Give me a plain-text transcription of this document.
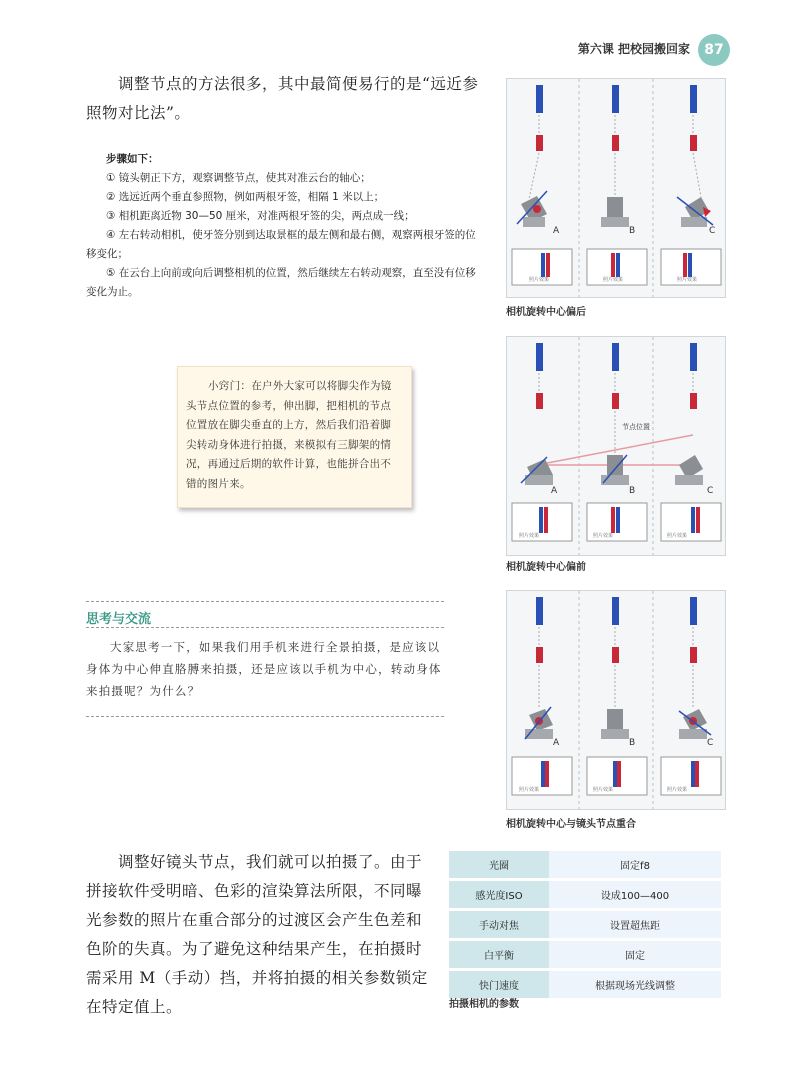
第六课 把校园搬回家	87
调整节点的方法很多，其中最简便易行的是“远近参照物对比法”。
步骤如下：
① 镜头朝正下方，观察调整节点，使其对准云台的轴心；
② 选远近两个垂直参照物，例如两根牙签，相隔 1 米以上；
③ 相机距离近物 30—50 厘米，对准两根牙签的尖，两点成一线；
④ 左右转动相机，使牙签分别到达取景框的最左侧和最右侧，观察两根牙签的位移变化；
⑤ 在云台上向前或向后调整相机的位置，然后继续左右转动观察，直至没有位移变化为止。
小窍门：在户外大家可以将脚尖作为镜头节点位置的参考，伸出脚，把相机的节点位置放在脚尖垂直的上方，然后我们沿着脚尖转动身体进行拍摄，来模拟有三脚架的情况，再通过后期的软件计算，也能拼合出不错的图片来。
思考与交流
大家思考一下，如果我们用手机来进行全景拍摄，是应该以身体为中心伸直胳膊来拍摄，还是应该以手机为中心，转动身体来拍摄呢？为什么？
A	B	C
照片效果	照片效果	照片效果
相机旋转中心偏后
节点位置
A	B	C
照片效果	照片效果	照片效果
相机旋转中心偏前
A	B	C
照片效果	照片效果	照片效果
相机旋转中心与镜头节点重合
调整好镜头节点，我们就可以拍摄了。由于拼接软件受明暗、色彩的渲染算法所限，不同曝光参数的照片在重合部分的过渡区会产生色差和色阶的失真。为了避免这种结果产生，在拍摄时需采用 M（手动）挡，并将拍摄的相关参数锁定在特定值上。
光圈	固定f8
感光度ISO	设成100—400
手动对焦	设置超焦距
白平衡	固定
快门速度	根据现场光线调整
拍摄相机的参数
